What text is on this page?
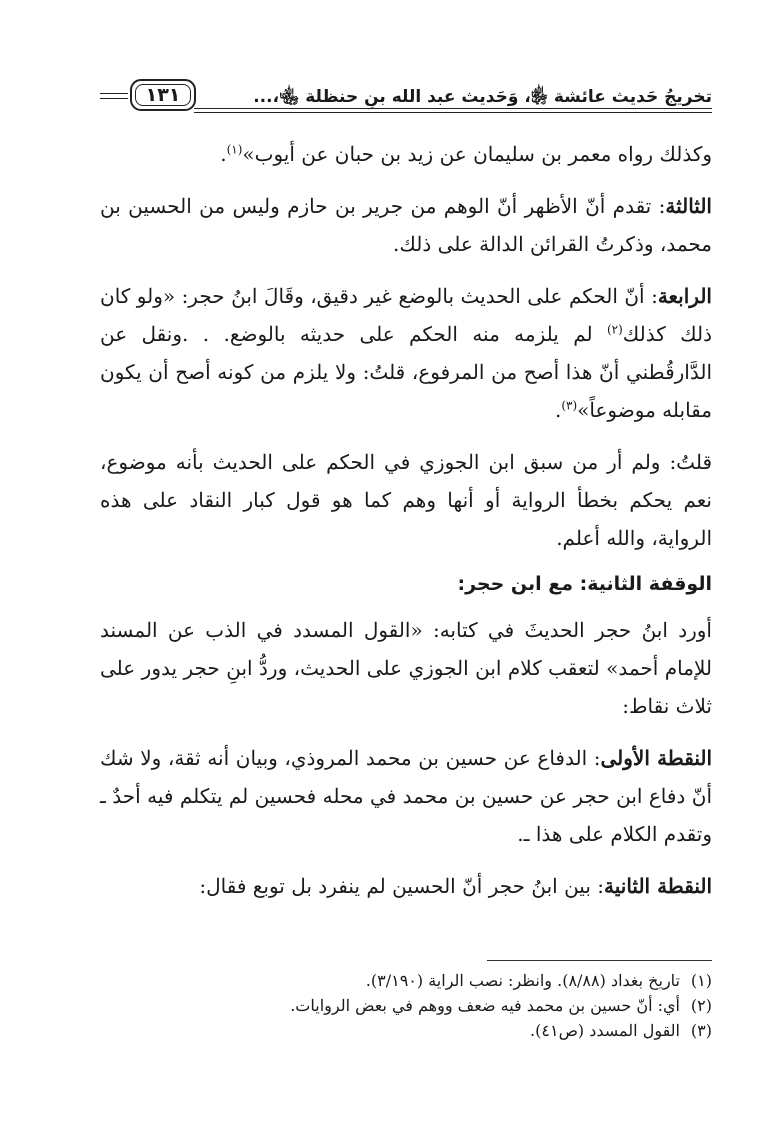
تخريجُ حَديث عائشة ﵂، وَحَديث عبد الله بنِ حنظلة ﵄،...
١٣١

وكذلك رواه معمر بن سليمان عن زيد بن حبان عن أيوب»$^{(١)}$.

الثالثة: تقدم أنّ الأظهر أنّ الوهم من جرير بن حازم وليس من الحسين بن محمد، وذكرتُ القرائن الدالة على ذلك.

الرابعة: أنّ الحكم على الحديث بالوضع غير دقيق، وقَالَ ابنُ حجر: «ولو كان ذلك كذلك$^{(٢)}$ لم يلزمه منه الحكم على حديثه بالوضع. . .ونقل عن الدَّارقُطني أنّ هذا أصح من المرفوع، قلتُ: ولا يلزم من كونه أصح أن يكون مقابله موضوعاً»$^{(٣)}$.

قلتُ: ولم أر من سبق ابن الجوزي في الحكم على الحديث بأنه موضوع، نعم يحكم بخطأ الرواية أو أنها وهم كما هو قول كبار النقاد على هذه الرواية، والله أعلم.

الوقفة الثانية: مع ابن حجر:

أورد ابنُ حجر الحديثَ في كتابه: «القول المسدد في الذب عن المسند للإمام أحمد» لتعقب كلام ابن الجوزي على الحديث، وردُّ ابنِ حجر يدور على ثلاث نقاط:

النقطة الأولى: الدفاع عن حسين بن محمد المروذي، وبيان أنه ثقة، ولا شك أنّ دفاع ابن حجر عن حسين بن محمد في محله فحسين لم يتكلم فيه أحدٌ ـ وتقدم الكلام على هذا ـ.

النقطة الثانية: بين ابنُ حجر أنّ الحسين لم ينفرد بل توبع فقال:

(١)تاريخ بغداد (٨/٨٨). وانظر: نصب الراية (٣/١٩٠).

(٢)أي: أنّ حسين بن محمد فيه ضعف ووهم في بعض الروايات.

(٣)القول المسدد (ص٤١).
